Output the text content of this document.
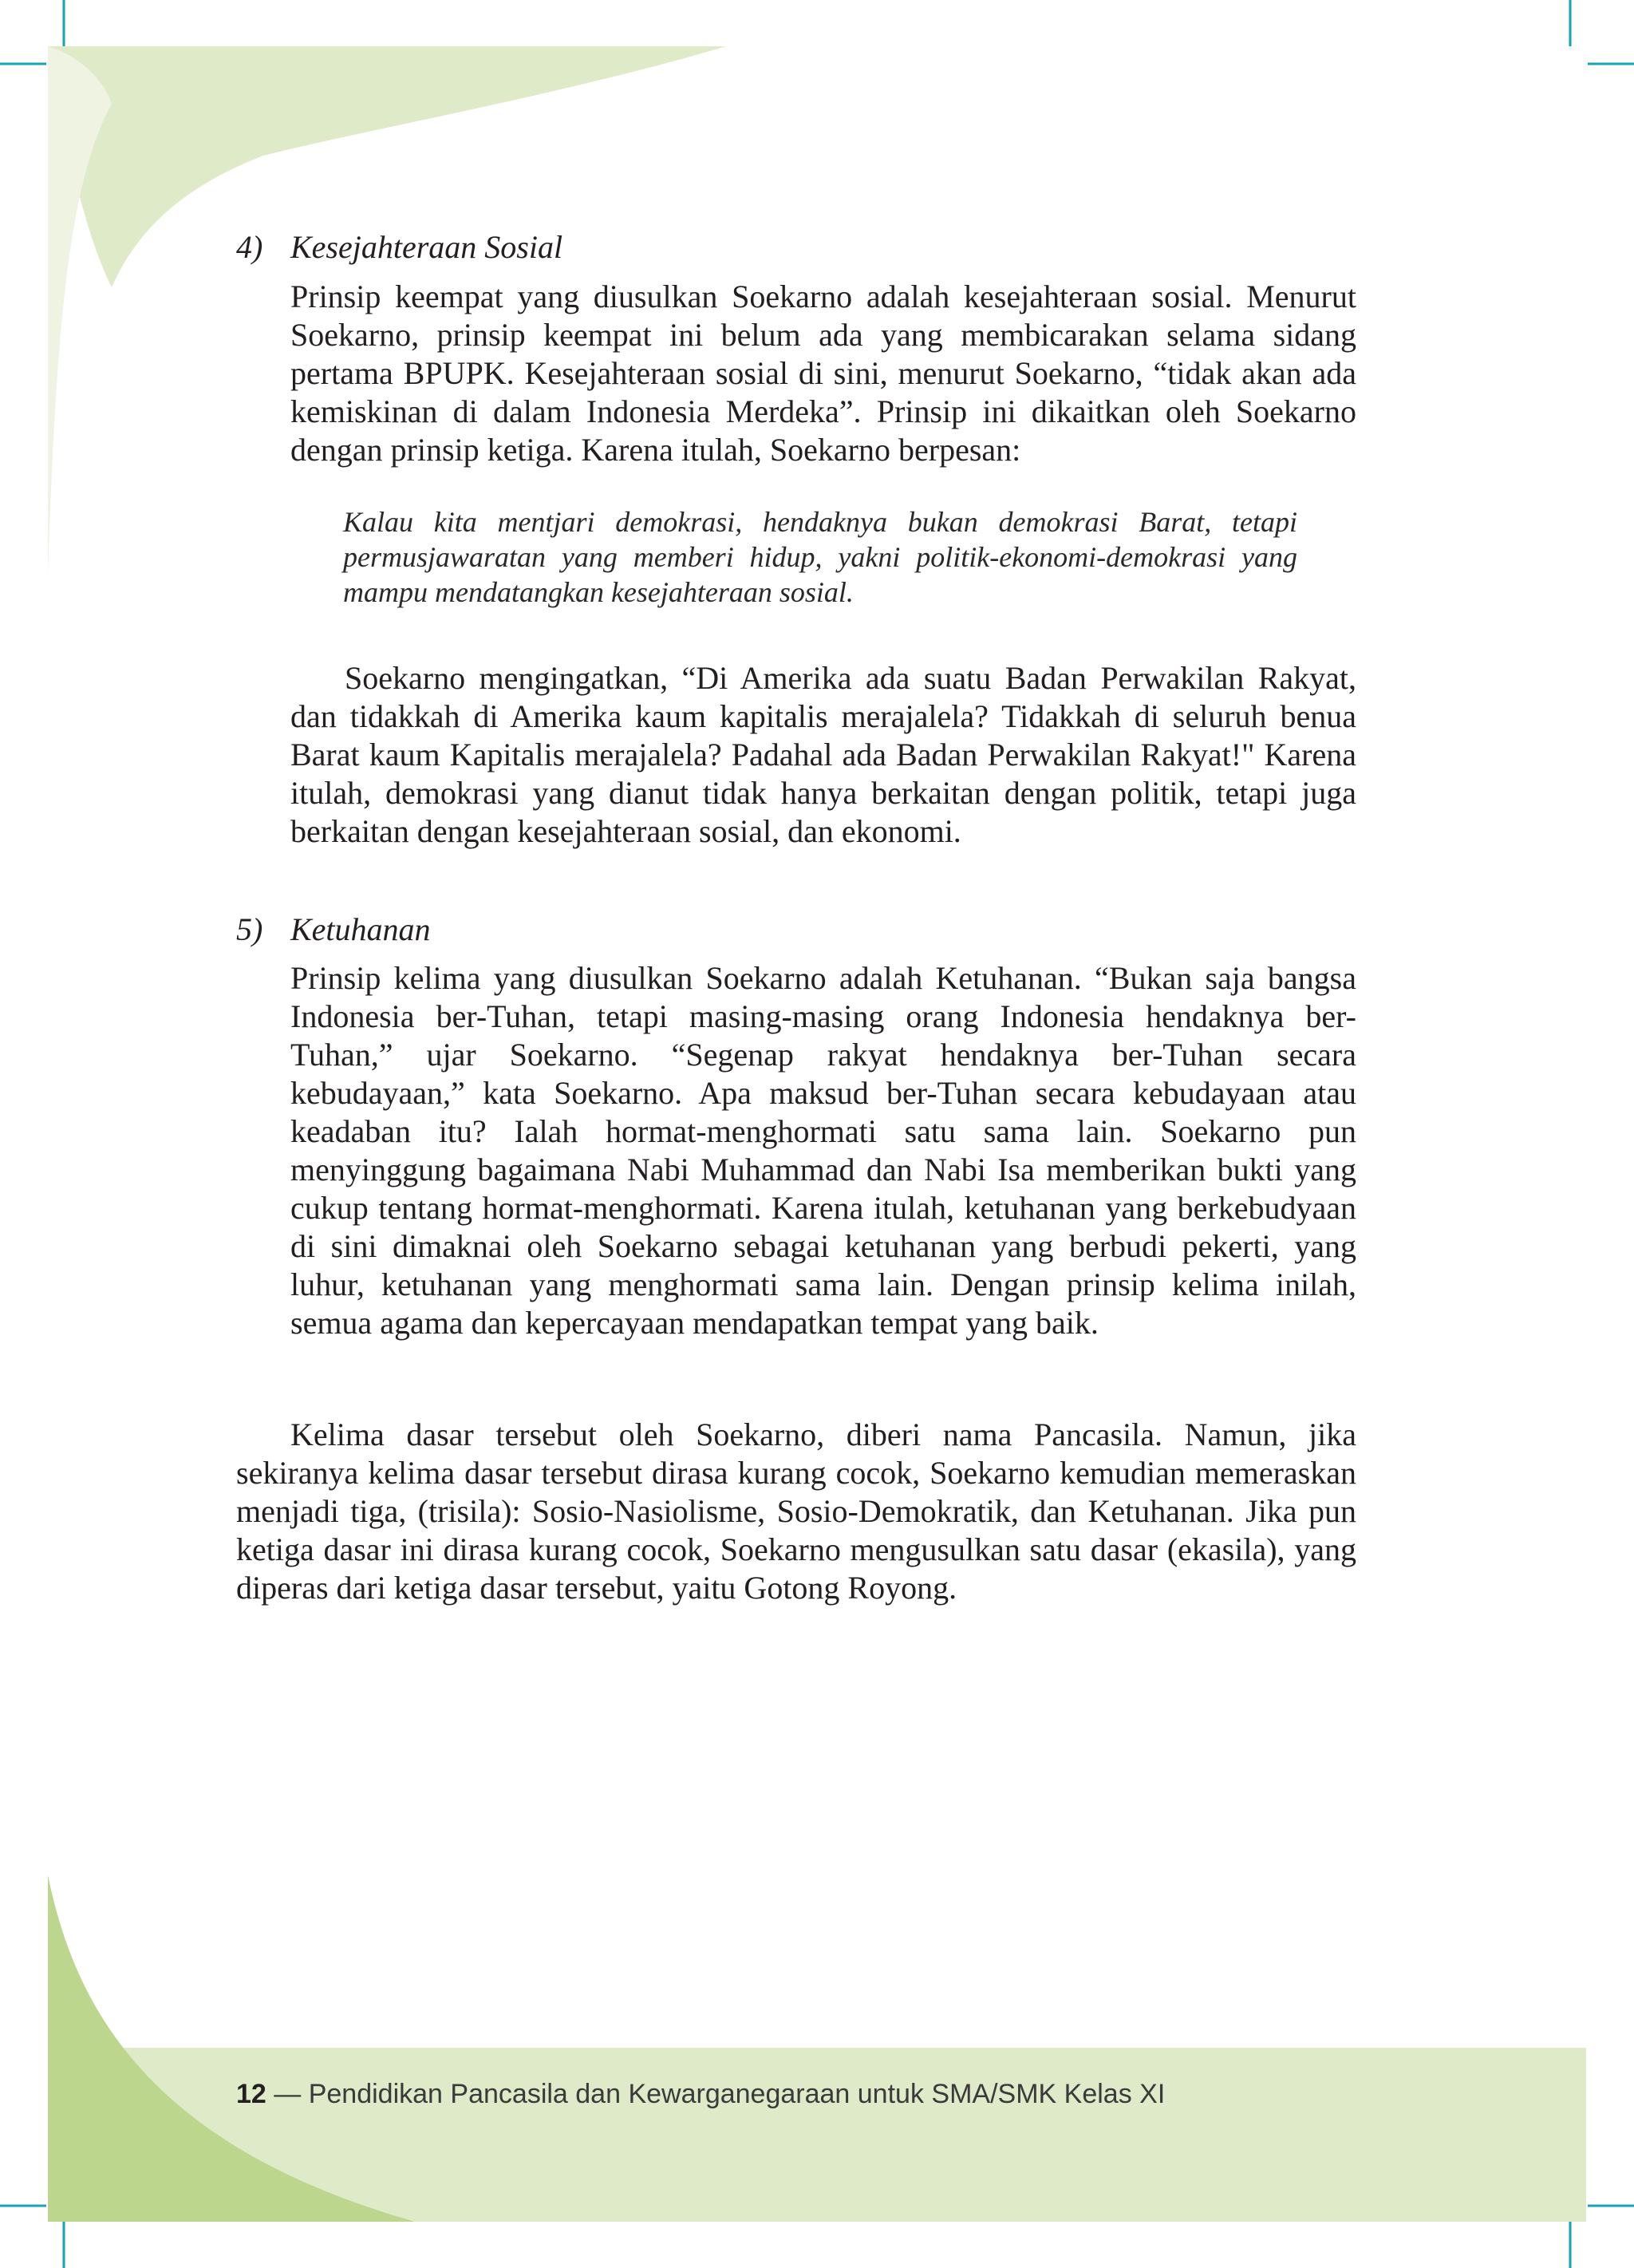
4) Kesejahteraan Sosial

Prinsip keempat yang diusulkan Soekarno adalah kesejahteraan sosial. Menurut Soekarno, prinsip keempat ini belum ada yang membicarakan selama sidang pertama BPUPK. Kesejahteraan sosial di sini, menurut Soekarno, “tidak akan ada kemiskinan di dalam Indonesia Merdeka”. Prinsip ini dikaitkan oleh Soekarno dengan prinsip ketiga. Karena itulah, Soekarno berpesan:

Kalau kita mentjari demokrasi, hendaknya bukan demokrasi Barat, tetapi permusjawaratan yang memberi hidup, yakni politik-ekonomi-demokrasi yang mampu mendatangkan kesejahteraan sosial.

Soekarno mengingatkan, “Di Amerika ada suatu Badan Perwakilan Rakyat, dan tidakkah di Amerika kaum kapitalis merajalela? Tidakkah di seluruh benua Barat kaum Kapitalis merajalela? Padahal ada Badan Perwakilan Rakyat!" Karena itulah, demokrasi yang dianut tidak hanya berkaitan dengan politik, tetapi juga berkaitan dengan kesejahteraan sosial, dan ekonomi.

5) Ketuhanan

Prinsip kelima yang diusulkan Soekarno adalah Ketuhanan. “Bukan saja bangsa Indonesia ber-Tuhan, tetapi masing-masing orang Indonesia hendaknya ber-Tuhan,” ujar Soekarno. “Segenap rakyat hendaknya ber-Tuhan secara kebudayaan,” kata Soekarno. Apa maksud ber-Tuhan secara kebudayaan atau keadaban itu? Ialah hormat-menghormati satu sama lain. Soekarno pun menyinggung bagaimana Nabi Muhammad dan Nabi Isa memberikan bukti yang cukup tentang hormat-menghormati. Karena itulah, ketuhanan yang berkebudyaan di sini dimaknai oleh Soekarno sebagai ketuhanan yang berbudi pekerti, yang luhur, ketuhanan yang menghormati sama lain. Dengan prinsip kelima inilah, semua agama dan kepercayaan mendapatkan tempat yang baik.

Kelima dasar tersebut oleh Soekarno, diberi nama Pancasila. Namun, jika sekiranya kelima dasar tersebut dirasa kurang cocok, Soekarno kemudian memeraskan menjadi tiga, (trisila): Sosio-Nasiolisme, Sosio-Demokratik, dan Ketuhanan. Jika pun ketiga dasar ini dirasa kurang cocok, Soekarno mengusulkan satu dasar (ekasila), yang diperas dari ketiga dasar tersebut, yaitu Gotong Royong.

12 — Pendidikan Pancasila dan Kewarganegaraan untuk SMA/SMK Kelas XI
